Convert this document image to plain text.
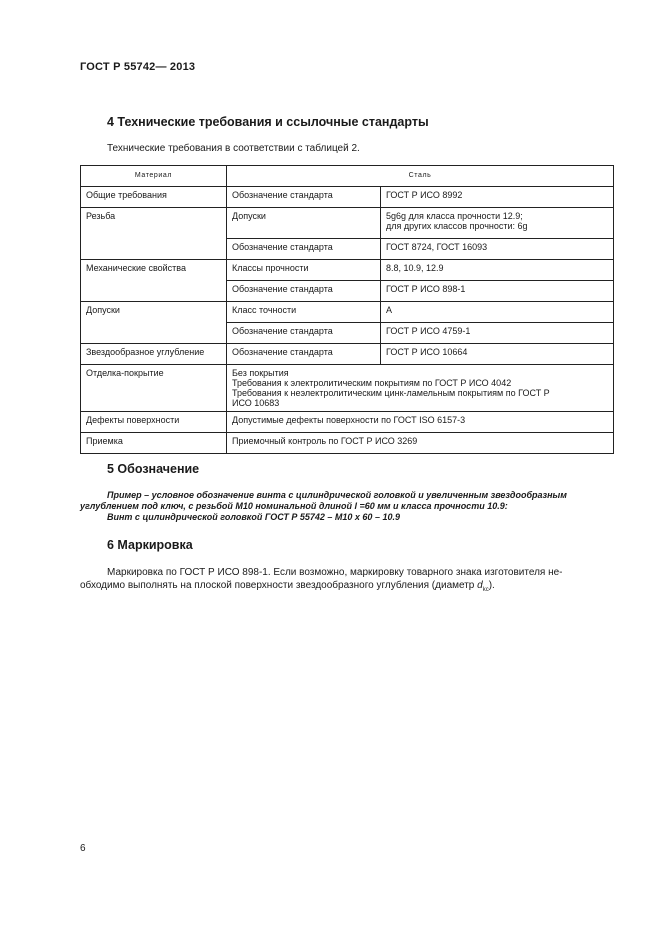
ГОСТ Р 55742— 2013
4 Технические требования и ссылочные стандарты
Технические требования в соответствии с таблицей 2.
Материал	Сталь	
Общие требования	Обозначение стандарта	ГОСТ Р ИСО 8992
Резьба	Допуски	5g6g для класса прочности 12.9;
для других классов прочности: 6g

	Обозначение стандарта	ГОСТ 8724, ГОСТ 16093
Механические свойства	Классы прочности	8.8, 10.9, 12.9
	Обозначение стандарта	ГОСТ Р ИСО 898-1
Допуски	Класс точности	A
	Обозначение стандарта	ГОСТ Р ИСО 4759-1
Звездообразное углубление	Обозначение стандарта	ГОСТ Р ИСО 10664
Отделка-покрытие	Без покрытия
Требования к электролитическим покрытиям по ГОСТ Р ИСО 4042
Требования к неэлектролитическим цинк-ламельным покрытиям по ГОСТ Р
ИСО 10683	

Дефекты поверхности	Допустимые дефекты поверхности по ГОСТ ISO 6157-3	
Приемка	Приемочный контроль по ГОСТ Р ИСО 3269	
5 Обозначение
Пример – условное обозначение винта с цилиндрической головкой и увеличенным звездообразным
углублением под ключ, с резьбой М10 номинальной длиной l =60 мм и класса прочности 10.9:
Винт с цилиндрической головкой ГОСТ Р 55742 – М10 х 60 – 10.9
6 Маркировка
Маркировка по ГОСТ Р ИСО 898-1. Если возможно, маркировку товарного знака изготовителя не-
обходимо выполнять на плоской поверхности звездообразного углубления (диаметр $d_{kc}$).
6
